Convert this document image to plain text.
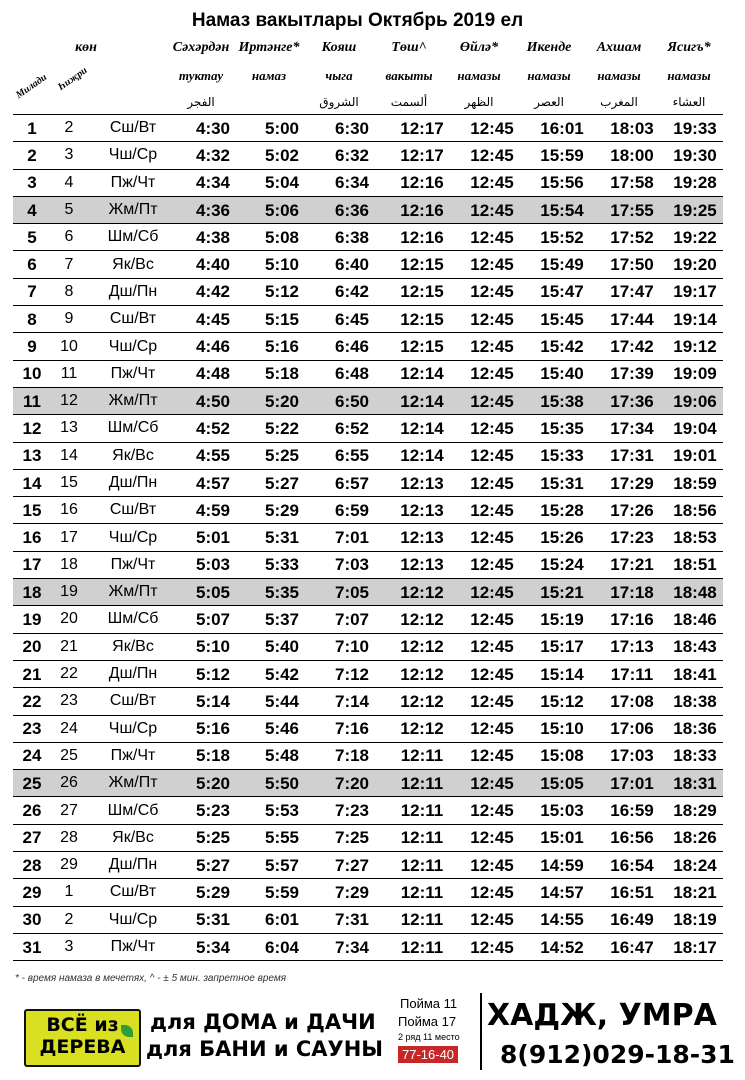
Намаз вакытлары Октябрь 2019 ел
көн
Милади Һиҗри
Сәхәрдән
туктау
الفجر
Иртәнге*
намаз
Кояш
чыга
الشروق
Төш^
вакыты
ألسمت
Өйлә*
намазы
الظهر
Икенде
намазы
العصر
Ахшам
намазы
المغرب
Ясигъ*
намазы
العشاء
1	2	Сш/Вт	4:30	5:00	6:30	12:17	12:45	16:01	18:03	19:33
2	3	Чш/Ср	4:32	5:02	6:32	12:17	12:45	15:59	18:00	19:30
3	4	Пж/Чт	4:34	5:04	6:34	12:16	12:45	15:56	17:58	19:28
4	5	Жм/Пт	4:36	5:06	6:36	12:16	12:45	15:54	17:55	19:25
5	6	Шм/Сб	4:38	5:08	6:38	12:16	12:45	15:52	17:52	19:22
6	7	Як/Вс	4:40	5:10	6:40	12:15	12:45	15:49	17:50	19:20
7	8	Дш/Пн	4:42	5:12	6:42	12:15	12:45	15:47	17:47	19:17
8	9	Сш/Вт	4:45	5:15	6:45	12:15	12:45	15:45	17:44	19:14
9	10	Чш/Ср	4:46	5:16	6:46	12:15	12:45	15:42	17:42	19:12
10	11	Пж/Чт	4:48	5:18	6:48	12:14	12:45	15:40	17:39	19:09
11	12	Жм/Пт	4:50	5:20	6:50	12:14	12:45	15:38	17:36	19:06
12	13	Шм/Сб	4:52	5:22	6:52	12:14	12:45	15:35	17:34	19:04
13	14	Як/Вс	4:55	5:25	6:55	12:14	12:45	15:33	17:31	19:01
14	15	Дш/Пн	4:57	5:27	6:57	12:13	12:45	15:31	17:29	18:59
15	16	Сш/Вт	4:59	5:29	6:59	12:13	12:45	15:28	17:26	18:56
16	17	Чш/Ср	5:01	5:31	7:01	12:13	12:45	15:26	17:23	18:53
17	18	Пж/Чт	5:03	5:33	7:03	12:13	12:45	15:24	17:21	18:51
18	19	Жм/Пт	5:05	5:35	7:05	12:12	12:45	15:21	17:18	18:48
19	20	Шм/Сб	5:07	5:37	7:07	12:12	12:45	15:19	17:16	18:46
20	21	Як/Вс	5:10	5:40	7:10	12:12	12:45	15:17	17:13	18:43
21	22	Дш/Пн	5:12	5:42	7:12	12:12	12:45	15:14	17:11	18:41
22	23	Сш/Вт	5:14	5:44	7:14	12:12	12:45	15:12	17:08	18:38
23	24	Чш/Ср	5:16	5:46	7:16	12:12	12:45	15:10	17:06	18:36
24	25	Пж/Чт	5:18	5:48	7:18	12:11	12:45	15:08	17:03	18:33
25	26	Жм/Пт	5:20	5:50	7:20	12:11	12:45	15:05	17:01	18:31
26	27	Шм/Сб	5:23	5:53	7:23	12:11	12:45	15:03	16:59	18:29
27	28	Як/Вс	5:25	5:55	7:25	12:11	12:45	15:01	16:56	18:26
28	29	Дш/Пн	5:27	5:57	7:27	12:11	12:45	14:59	16:54	18:24
29	1	Сш/Вт	5:29	5:59	7:29	12:11	12:45	14:57	16:51	18:21
30	2	Чш/Ср	5:31	6:01	7:31	12:11	12:45	14:55	16:49	18:19
31	3	Пж/Чт	5:34	6:04	7:34	12:11	12:45	14:52	16:47	18:17
* - время намаза в мечетях, ^ - ± 5 мин. запретное время
ВСЁ из
ДЕРЕВА
для ДОМА и ДАЧИ
для БАНИ и САУНЫ
Пойма 11
Пойма 17
2 ряд 11 место
77-16-40
ХАДЖ, УМРА
8(912)029-18-31
